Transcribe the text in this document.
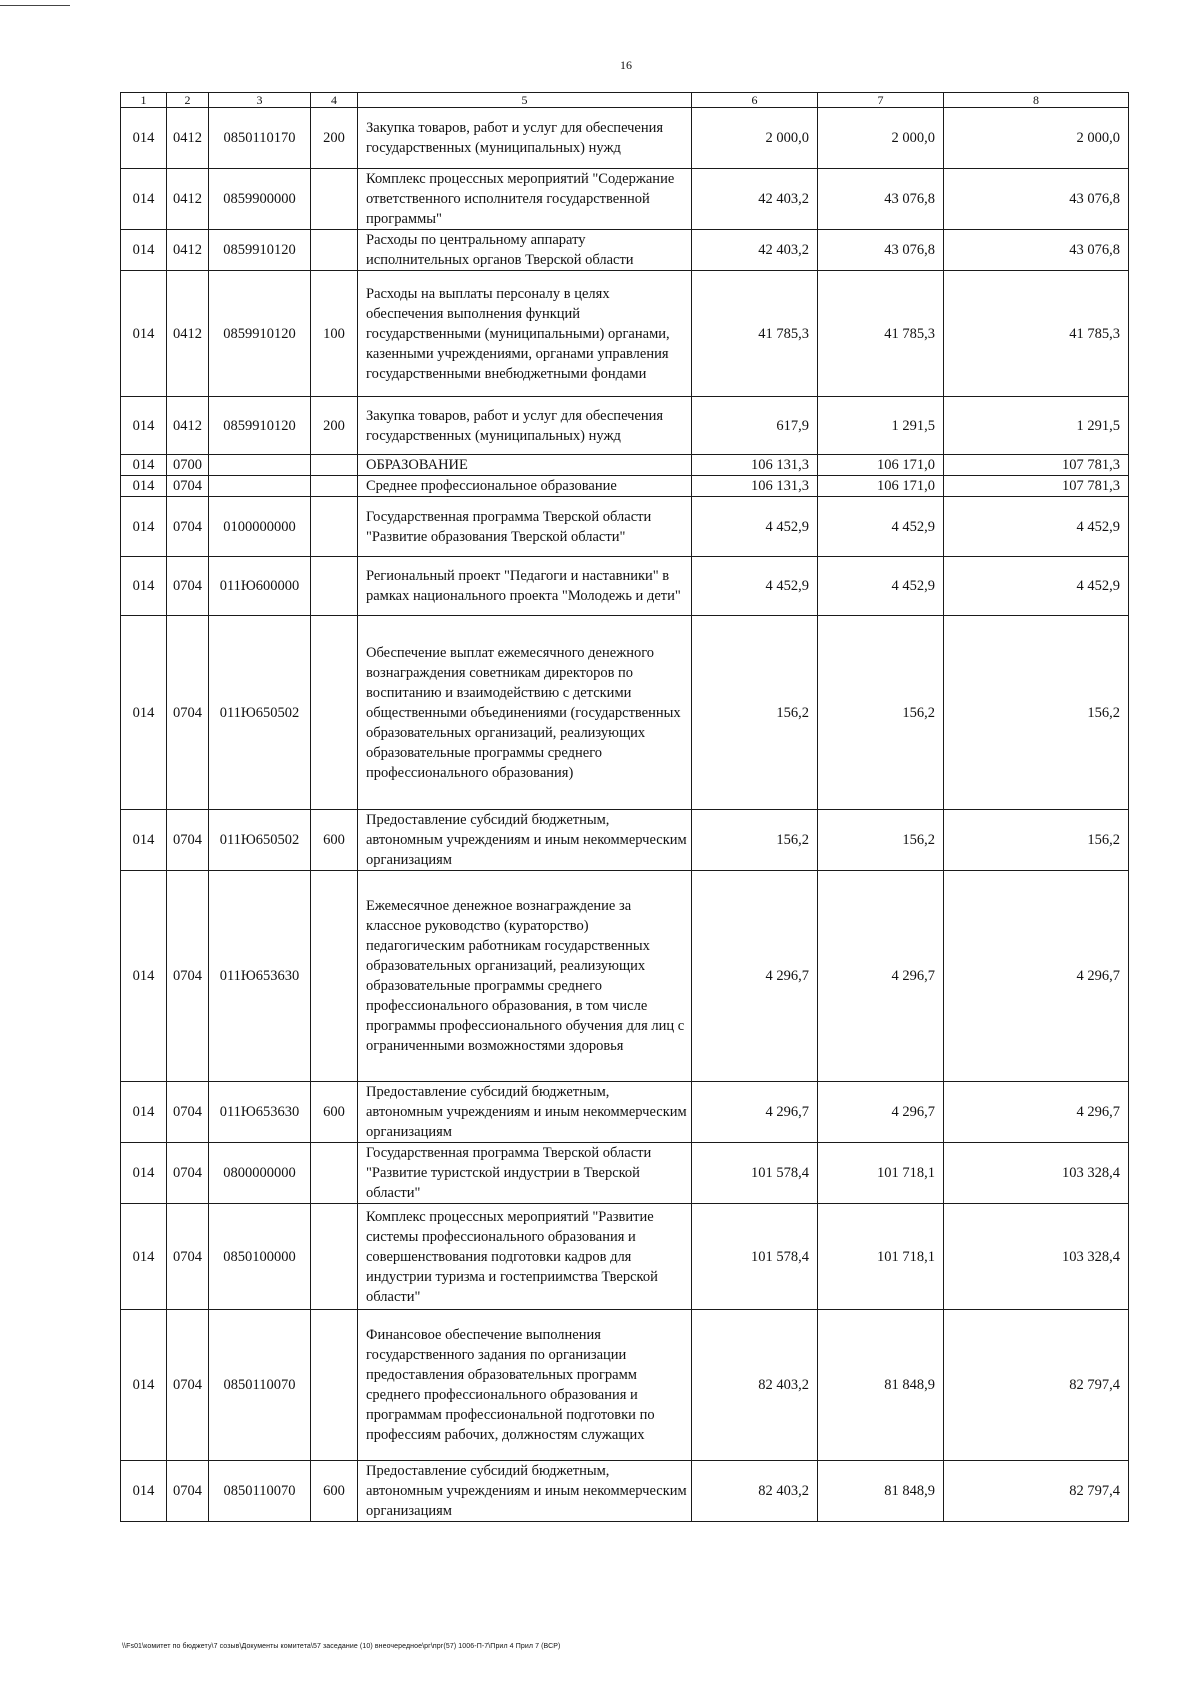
16
1	2	3	4	5	6	7	8
014	0412	0850110170	200	Закупка товаров, работ и услуг для обеспечения государственных (муниципальных) нужд	2 000,0	2 000,0	2 000,0
014	0412	0859900000		Комплекс процессных мероприятий "Содержание ответственного исполнителя государственной программы"	42 403,2	43 076,8	43 076,8
014	0412	0859910120		Расходы по центральному аппарату исполнительных органов Тверской области	42 403,2	43 076,8	43 076,8
014	0412	0859910120	100	Расходы на выплаты персоналу в целях обеспечения выполнения функций государственными (муниципальными) органами, казенными учреждениями, органами управления государственными внебюджетными фондами	41 785,3	41 785,3	41 785,3
014	0412	0859910120	200	Закупка товаров, работ и услуг для обеспечения государственных (муниципальных) нужд	617,9	1 291,5	1 291,5
014	0700			ОБРАЗОВАНИЕ	106 131,3	106 171,0	107 781,3
014	0704			Среднее профессиональное образование	106 131,3	106 171,0	107 781,3
014	0704	0100000000		Государственная программа Тверской области "Развитие образования Тверской области"	4 452,9	4 452,9	4 452,9
014	0704	011Ю600000		Региональный проект "Педагоги и наставники" в рамках национального проекта "Молодежь и дети"	4 452,9	4 452,9	4 452,9
014	0704	011Ю650502		Обеспечение выплат ежемесячного денежного вознаграждения советникам директоров по воспитанию и взаимодействию с детскими общественными объединениями (государственных образовательных организаций, реализующих образовательные программы среднего профессионального образования)	156,2	156,2	156,2
014	0704	011Ю650502	600	Предоставление субсидий бюджетным, автономным учреждениям и иным некоммерческим организациям	156,2	156,2	156,2
014	0704	011Ю653630		Ежемесячное денежное вознаграждение за классное руководство (кураторство) педагогическим работникам государственных образовательных организаций, реализующих образовательные программы среднего профессионального образования, в том числе программы профессионального обучения для лиц с ограниченными возможностями здоровья	4 296,7	4 296,7	4 296,7
014	0704	011Ю653630	600	Предоставление субсидий бюджетным, автономным учреждениям и иным некоммерческим организациям	4 296,7	4 296,7	4 296,7
014	0704	0800000000		Государственная программа Тверской области "Развитие туристской индустрии в Тверской области"	101 578,4	101 718,1	103 328,4
014	0704	0850100000		Комплекс процессных мероприятий "Развитие системы профессионального образования и совершенствования подготовки кадров для индустрии туризма и гостеприимства Тверской области"	101 578,4	101 718,1	103 328,4
014	0704	0850110070		Финансовое обеспечение выполнения государственного задания по организации предоставления образовательных программ среднего профессионального образования и программам профессиональной подготовки по профессиям рабочих, должностям служащих	82 403,2	81 848,9	82 797,4
014	0704	0850110070	600	Предоставление субсидий бюджетным, автономным учреждениям и иным некоммерческим организациям	82 403,2	81 848,9	82 797,4
\\Fs01\комитет по бюджету\7 созыв\Документы комитета\57 заседание (10) внеочередное\рг\прг(57) 1006-П-7\Прил 4 Прил 7 (ВСР)
